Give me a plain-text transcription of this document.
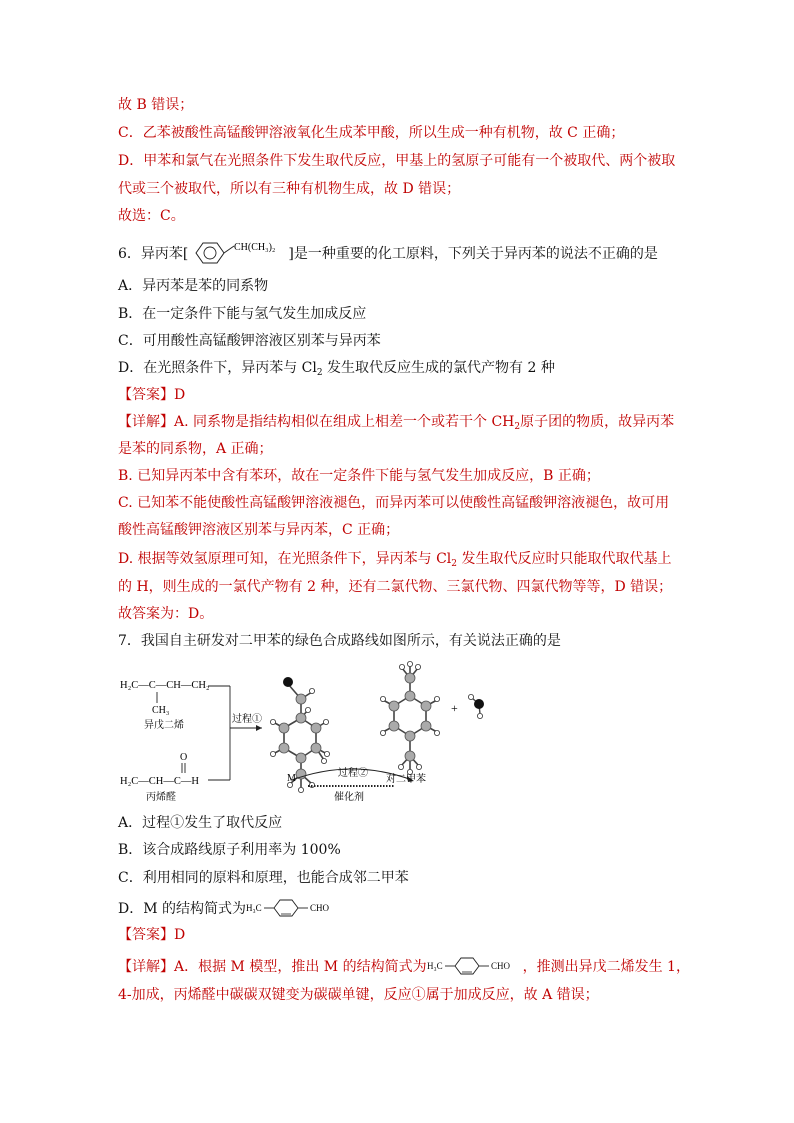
故 B 错误；
C．乙苯被酸性高锰酸钾溶液氧化生成苯甲酸，所以生成一种有机物，故 C 正确；
D．甲苯和氯气在光照条件下发生取代反应，甲基上的氢原子可能有一个被取代、两个被取
代或三个被取代，所以有三种有机物生成，故 D 错误；
故选：C。
6．异丙苯[	CH(CH₃)₂ ]是一种重要的化工原料，下列关于异丙苯的说法不正确的是
A．异丙苯是苯的同系物
B．在一定条件下能与氢气发生加成反应
C．可用酸性高锰酸钾溶液区别苯与异丙苯
D．在光照条件下，异丙苯与 $Cl_2$ 发生取代反应生成的氯代产物有 2 种
【答案】D
【详解】A. 同系物是指结构相似在组成上相差一个或若干个 $CH_2$原子团的物质，故异丙苯
是苯的同系物，A 正确；
B. 已知异丙苯中含有苯环，故在一定条件下能与氢气发生加成反应，B 正确；
C. 已知苯不能使酸性高锰酸钾溶液褪色，而异丙苯可以使酸性高锰酸钾溶液褪色，故可用
酸性高锰酸钾溶液区别苯与异丙苯，C 正确；
D. 根据等效氢原理可知，在光照条件下，异丙苯与 $Cl_2$ 发生取代反应时只能取代取代基上
的 H，则生成的一氯代产物有 2 种，还有二氯代物、三氯代物、四氯代物等等，D 错误；
故答案为：D。
7．我国自主研发对二甲苯的绿色合成路线如图所示，有关说法正确的是
H₂C—C—CH—CH₂
CH₃
异戊二烯
O
H₂C—CH—C—H
丙烯醛
过程①
+
M	过程②
对二甲苯
催化剂
A．过程①发生了取代反应
B．该合成路线原子利用率为 100%
C．利用相同的原料和原理，也能合成邻二甲苯
D．M 的结构简式为 H₃C	CHO
【答案】D
【详解】A．根据 M 模型，推出 M 的结构简式为 H₃C	CHO ，推测出异戊二烯发生 1，
4-加成，丙烯醛中碳碳双键变为碳碳单键，反应①属于加成反应，故 A 错误；
